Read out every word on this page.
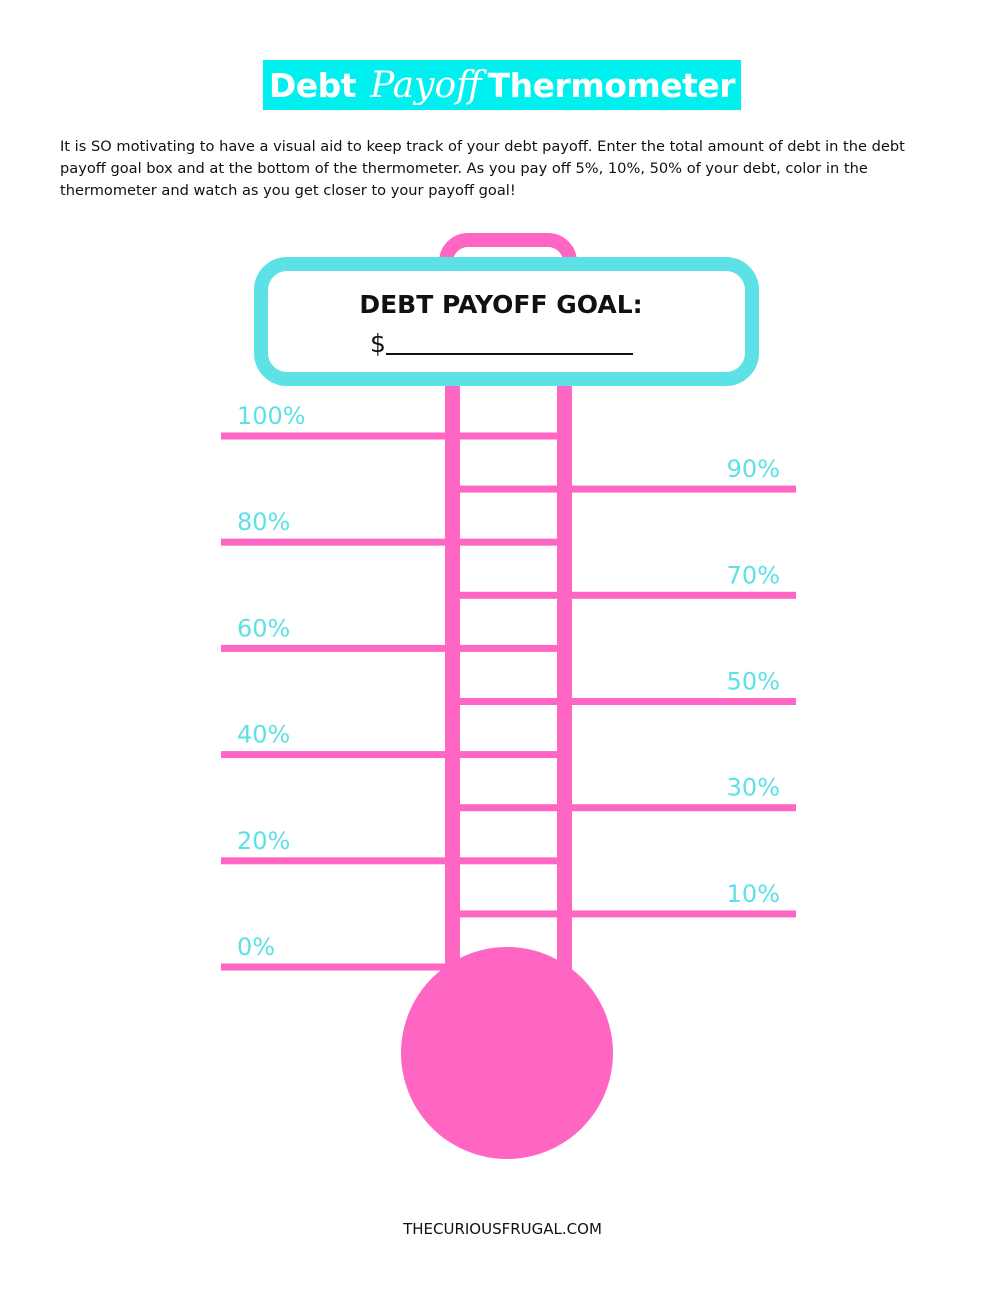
Debt Payoff Thermometer

It is SO motivating to have a visual aid to keep track of your debt payoff. Enter the total amount of debt in the debt payoff goal box and at the bottom of the thermometer. As you pay off 5%, 10%, 50% of your debt, color in the thermometer and watch as you get closer to your payoff goal!

DEBT PAYOFF GOAL:
$
100%
80%
60%
40%
20%
0%
90%
70%
50%
30%
10%
THECURIOUSFRUGAL.COM
